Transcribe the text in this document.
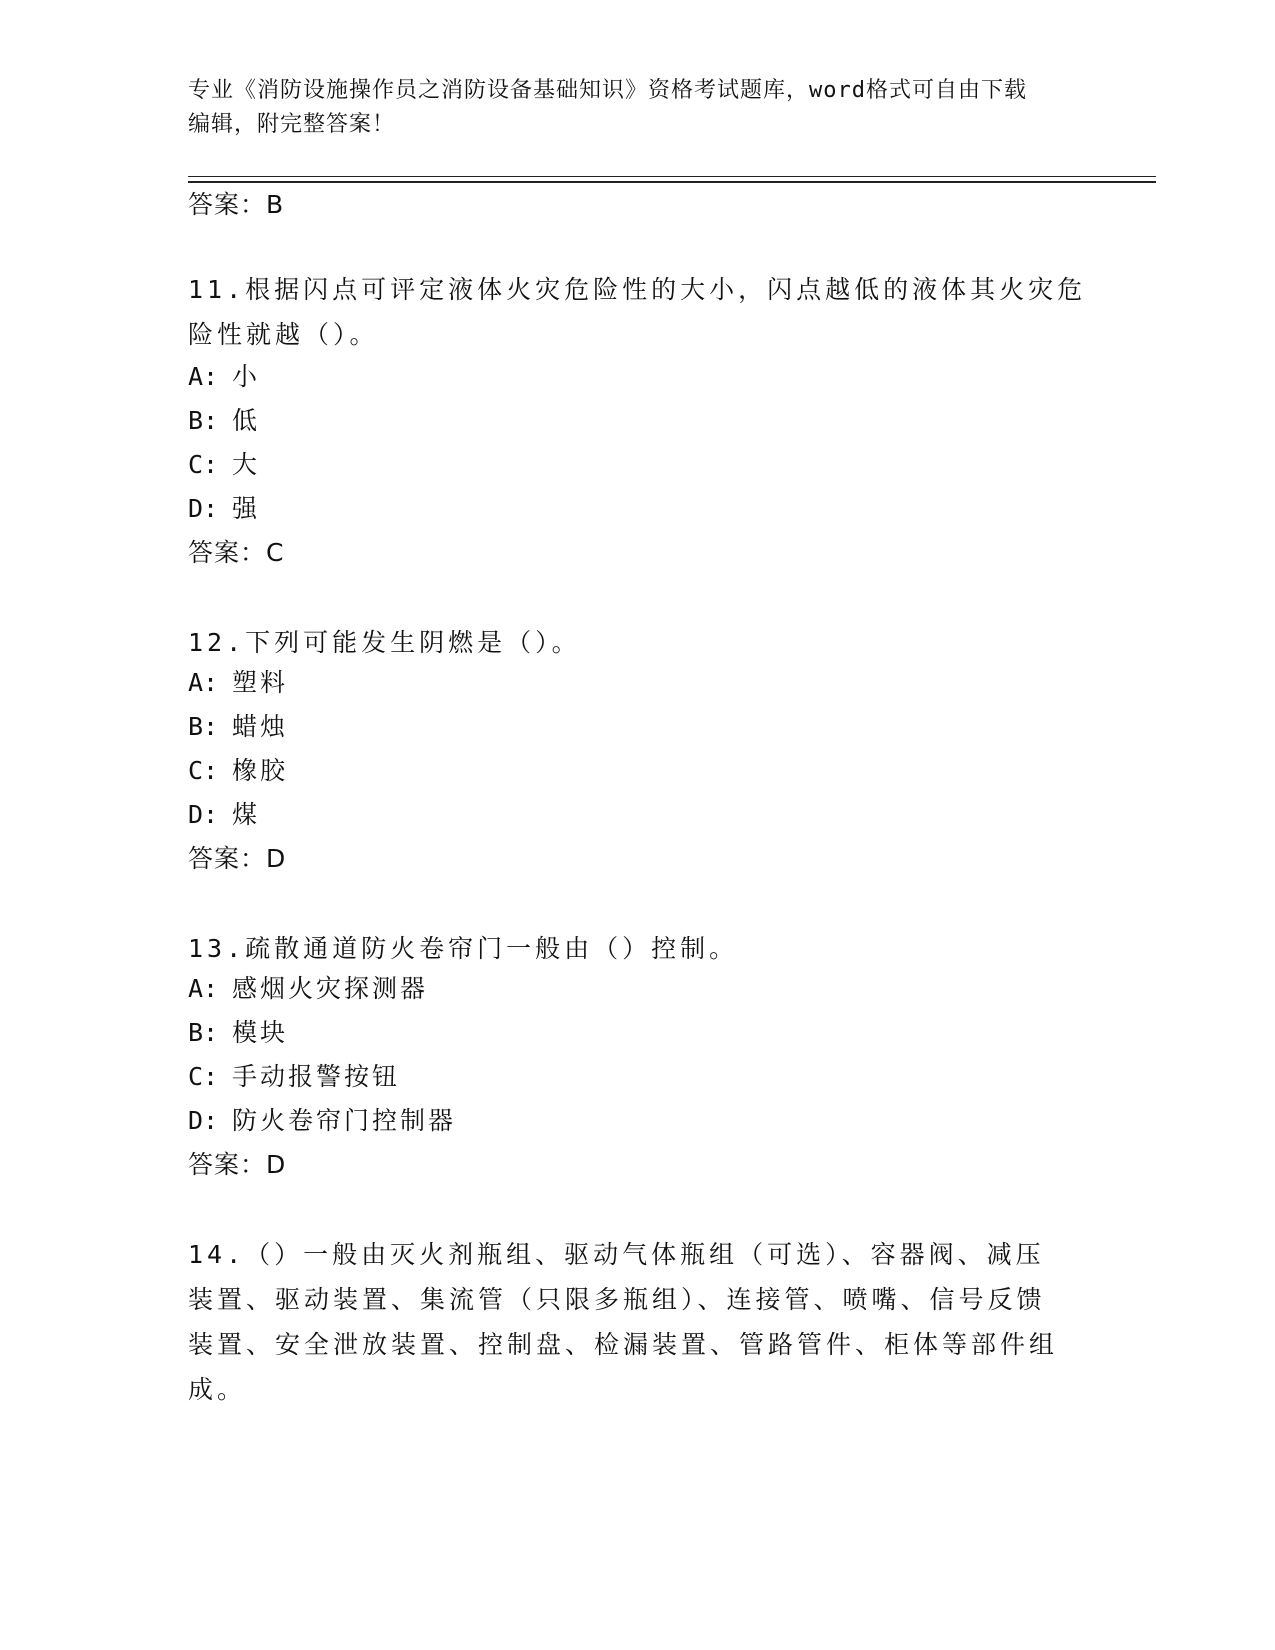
专业《消防设施操作员之消防设备基础知识》资格考试题库，word格式可自由下载编辑，附完整答案！
答案：B
11.根据闪点可评定液体火灾危险性的大小，闪点越低的液体其火灾危险性就越（）。
A: 小
B: 低
C: 大
D: 强
答案：C
12.下列可能发生阴燃是（）。
A: 塑料
B: 蜡烛
C: 橡胶
D: 煤
答案：D
13.疏散通道防火卷帘门一般由（）控制。
A: 感烟火灾探测器
B: 模块
C: 手动报警按钮
D: 防火卷帘门控制器
答案：D
14.（）一般由灭火剂瓶组、驱动气体瓶组（可选）、容器阀、减压装置、驱动装置、集流管（只限多瓶组）、连接管、喷嘴、信号反馈装置、安全泄放装置、控制盘、检漏装置、管路管件、柜体等部件组成。
